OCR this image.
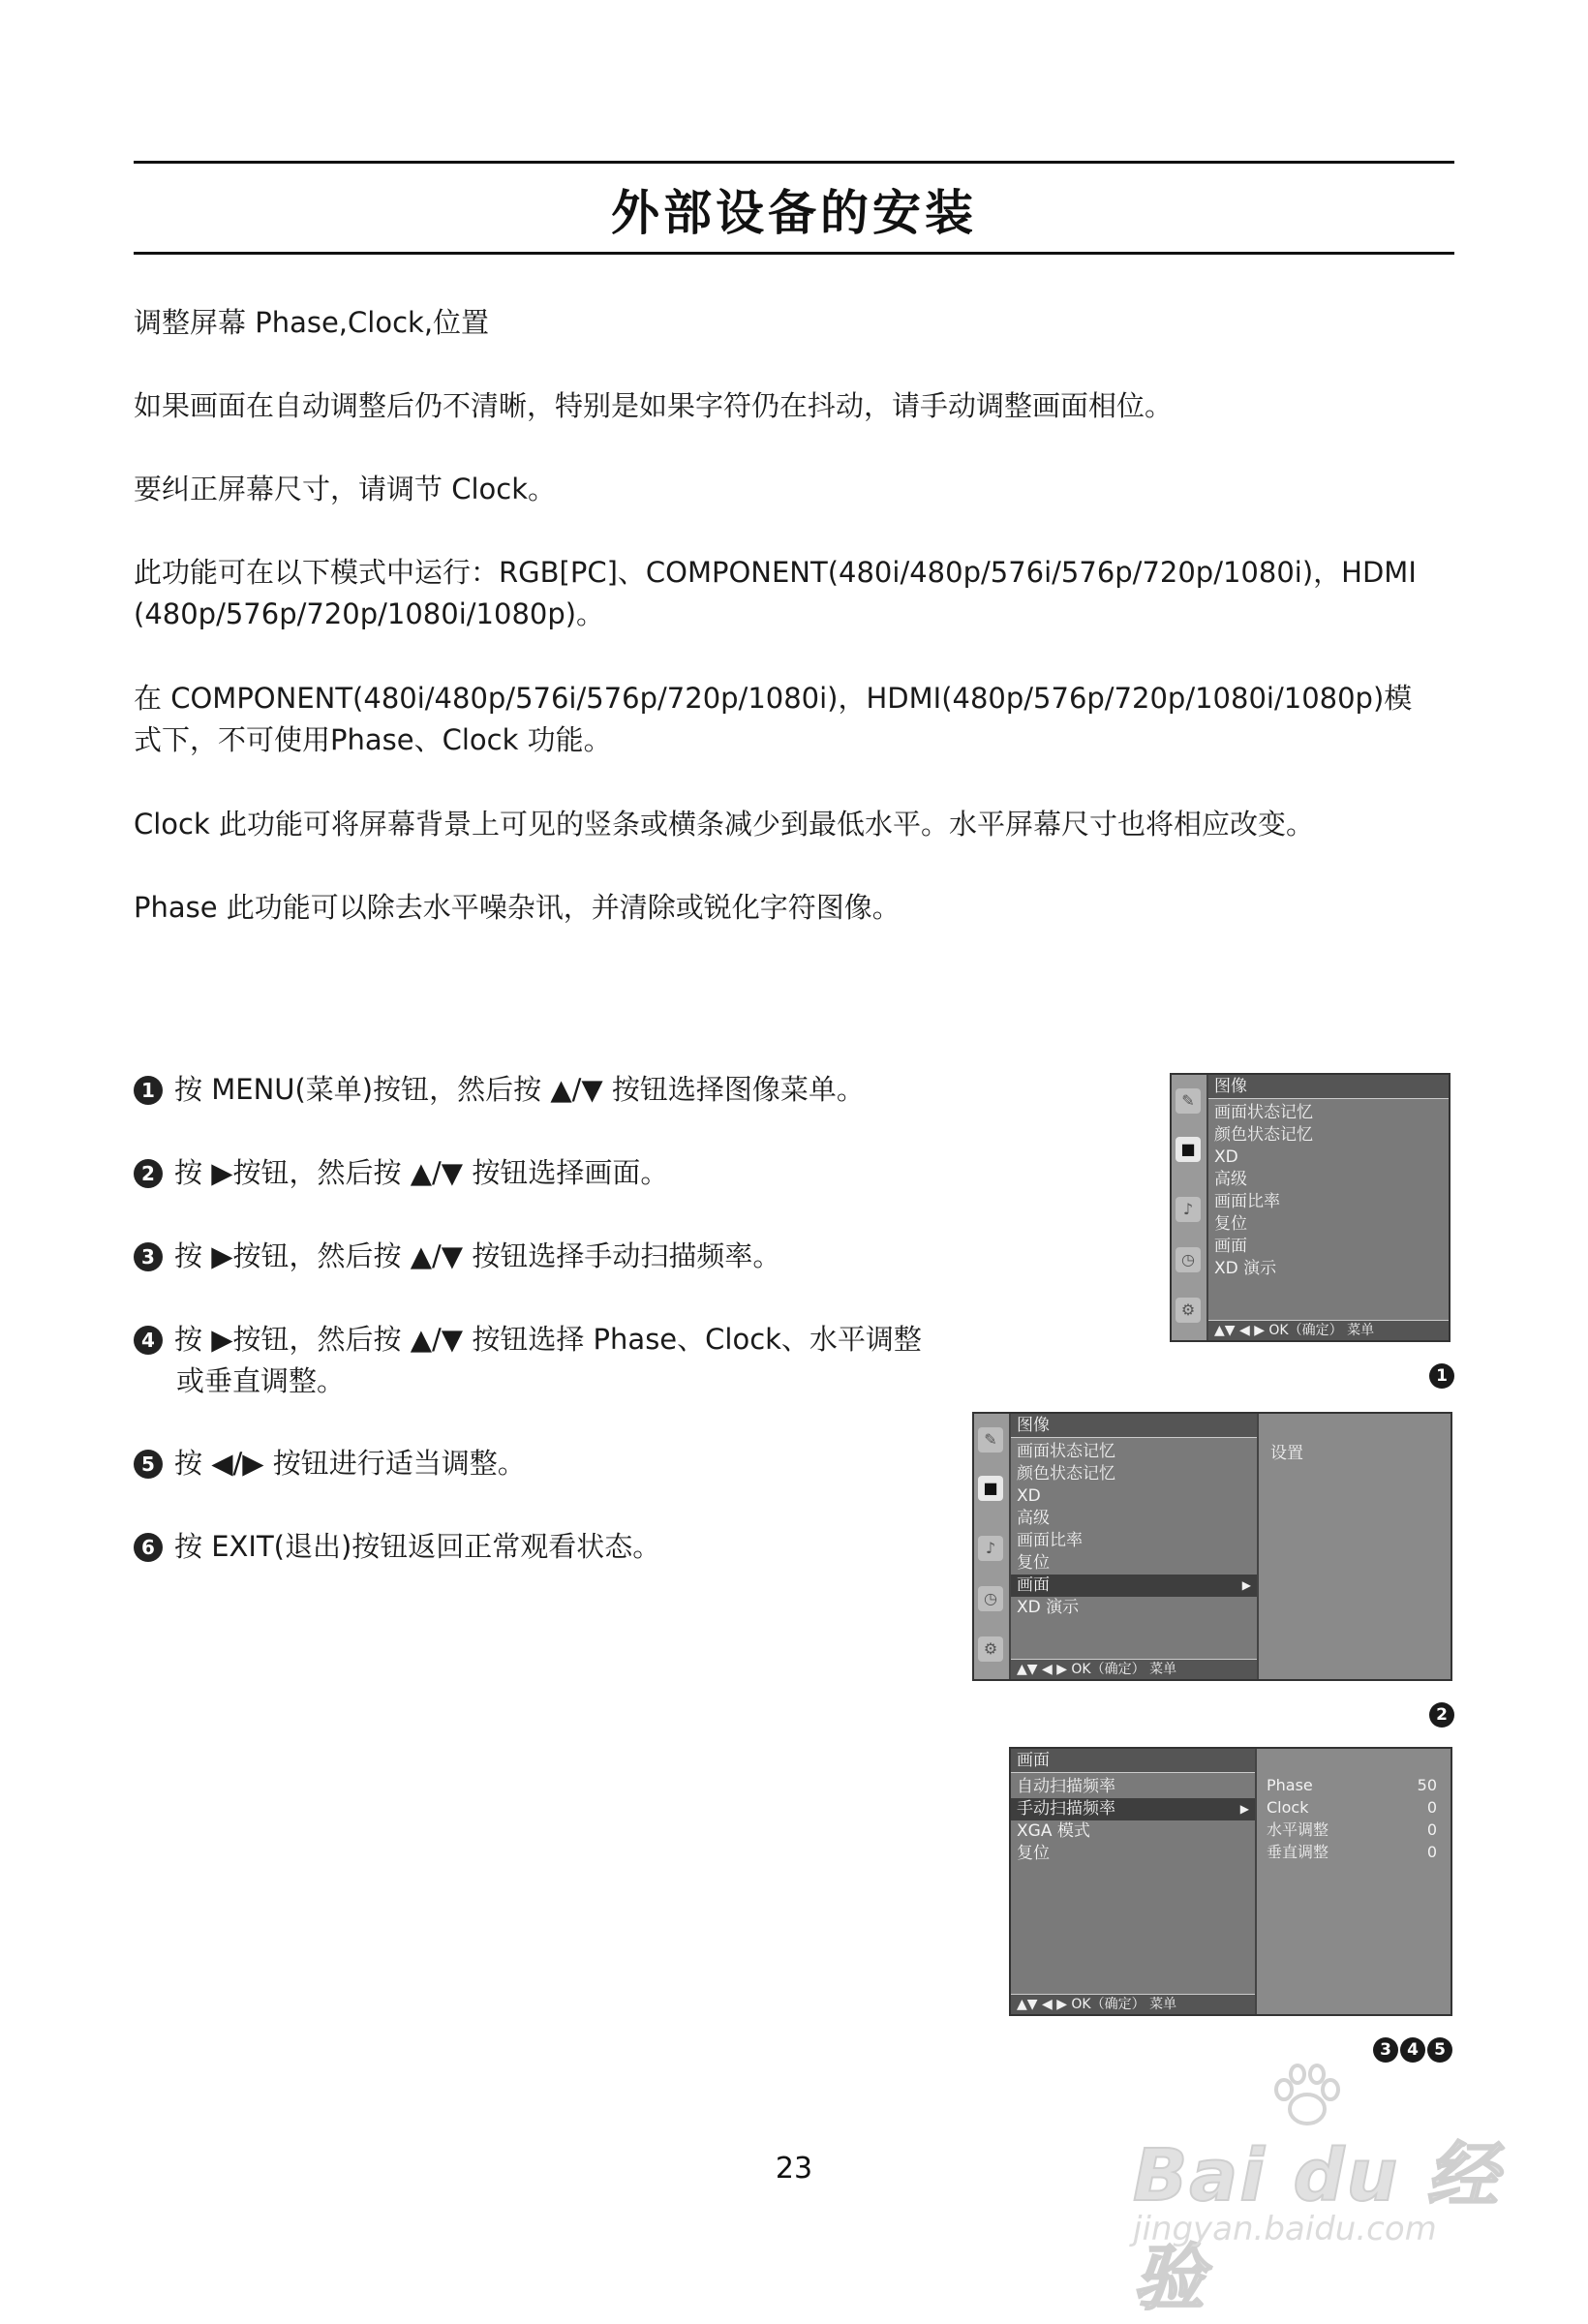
外部设备的安装
调整屏幕 Phase,Clock,位置
如果画面在自动调整后仍不清晰，特别是如果字符仍在抖动，请手动调整画面相位。
要纠正屏幕尺寸，请调节 Clock。
此功能可在以下模式中运行：RGB[PC]、COMPONENT(480i/480p/576i/576p/720p/1080i)，HDMI (480p/576p/720p/1080i/1080p)。
在 COMPONENT(480i/480p/576i/576p/720p/1080i)，HDMI(480p/576p/720p/1080i/1080p)模式下，不可使用Phase、Clock 功能。
Clock 此功能可将屏幕背景上可见的竖条或横条减少到最低水平。水平屏幕尺寸也将相应改变。
Phase 此功能可以除去水平噪杂讯，并清除或锐化字符图像。
1 按 MENU(菜单)按钮，然后按 ▲/▼ 按钮选择图像菜单。
2 按 ▶按钮，然后按 ▲/▼ 按钮选择画面。
3 按 ▶按钮，然后按 ▲/▼ 按钮选择手动扫描频率。
4 按 ▶按钮，然后按 ▲/▼ 按钮选择 Phase、Clock、水平调整
或垂直调整。
5 按 ◀/▶ 按钮进行适当调整。
6 按 EXIT(退出)按钮返回正常观看状态。
✎
■
♪
◷
⚙
图像
画面状态记忆
颜色状态记忆
XD
高级
画面比率
复位
画面
XD 演示
▲▼ ◀ ▶ OK（确定） 菜单
1
✎
■
♪
◷
⚙
图像
画面状态记忆
颜色状态记忆
XD
高级
画面比率
复位
画面	▶
XD 演示
▲▼ ◀ ▶ OK（确定） 菜单
设置
2
画面
自动扫描频率
手动扫描频率	▶
XGA 模式
复位
▲▼ ◀ ▶ OK（确定） 菜单
Phase	50
Clock	0
水平调整	0
垂直调整	0
3 4 5
23	Bai du 经验
jingyan.baidu.com
